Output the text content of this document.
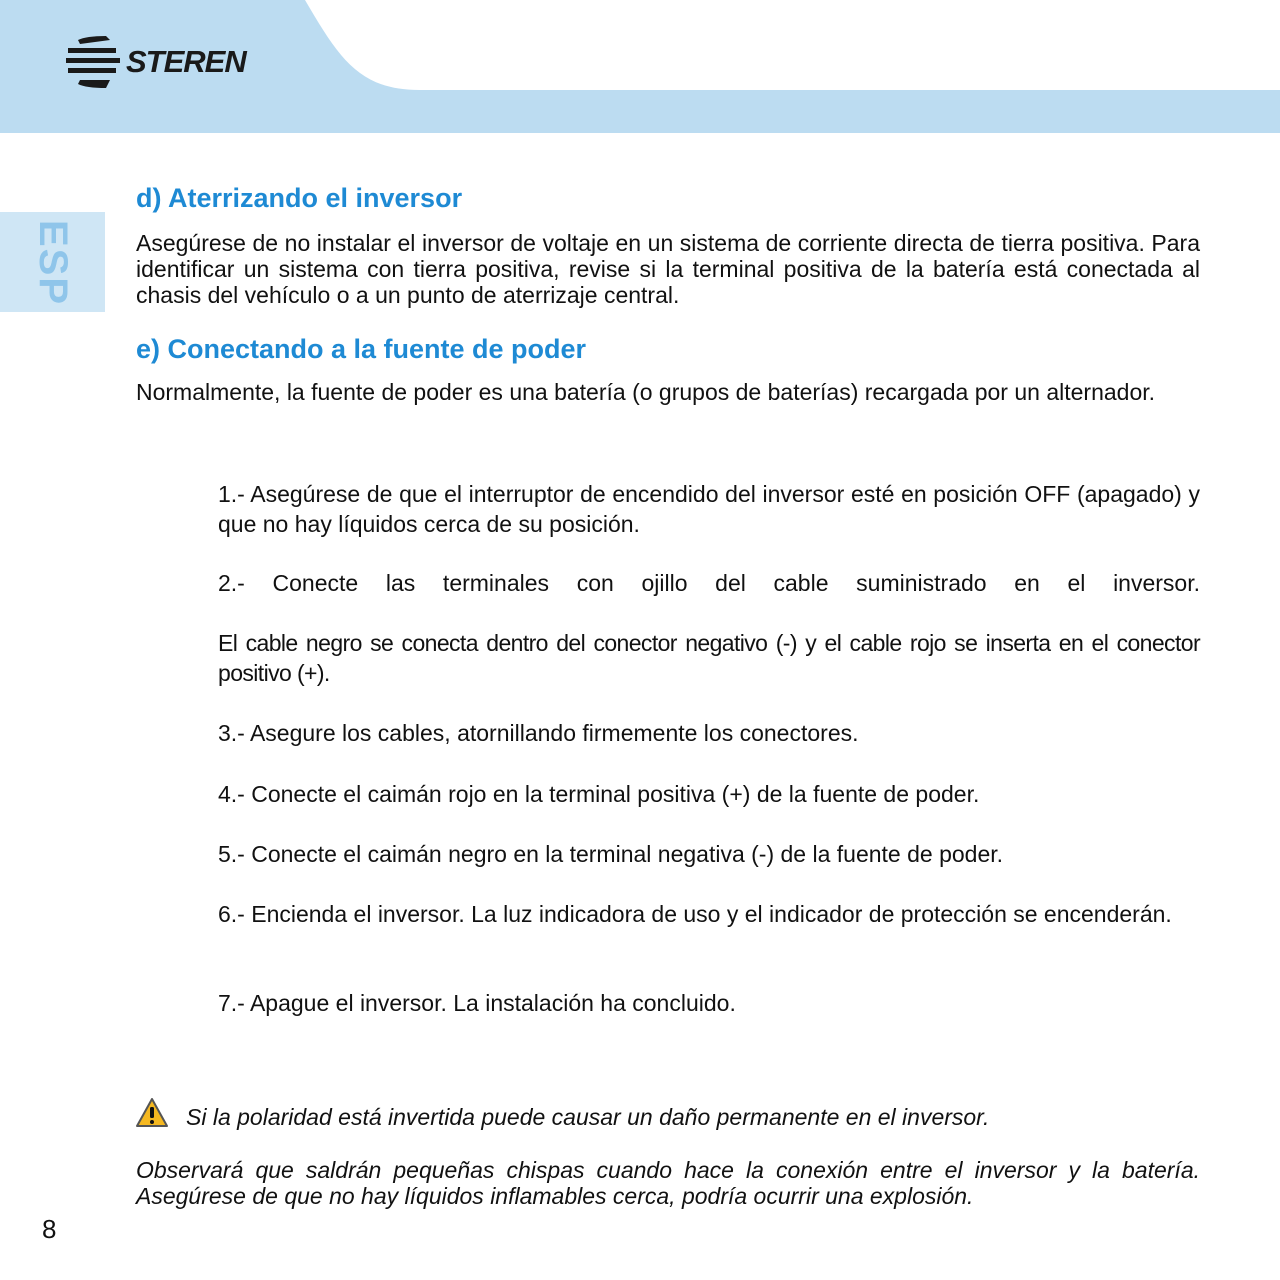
STEREN
ESP
d) Aterrizando el inversor
Asegúrese de no instalar el inversor de voltaje en un sistema de corriente directa de tierra positiva. Para identificar un sistema con tierra positiva, revise si la terminal positiva de la batería está conectada al chasis del vehículo o a un punto de aterrizaje central.
e) Conectando a la fuente de poder
Normalmente, la fuente de poder es una batería (o grupos de baterías) recargada por un alternador.
1.- Asegúrese de que el interruptor de encendido del inversor esté en posición OFF (apagado) y que no hay líquidos cerca de su posición.
2.- Conecte las terminales con ojillo del cable suministrado en el inversor.
El cable negro se conecta dentro del conector negativo (-) y el cable rojo se inserta en el conector positivo (+).
3.- Asegure los cables, atornillando firmemente los conectores.
4.- Conecte el caimán rojo en la terminal positiva (+) de la fuente de poder.
5.- Conecte el caimán negro en la terminal negativa (-) de la fuente de poder.
6.- Encienda el inversor. La luz indicadora de uso y el indicador de protección se encenderán.
7.- Apague el inversor. La instalación ha concluido.
Si la polaridad está invertida puede causar un daño permanente en el inversor.
Observará que saldrán pequeñas chispas cuando hace la conexión entre el inversor y la batería. Asegúrese de que no hay líquidos inflamables cerca, podría ocurrir una explosión.
8
